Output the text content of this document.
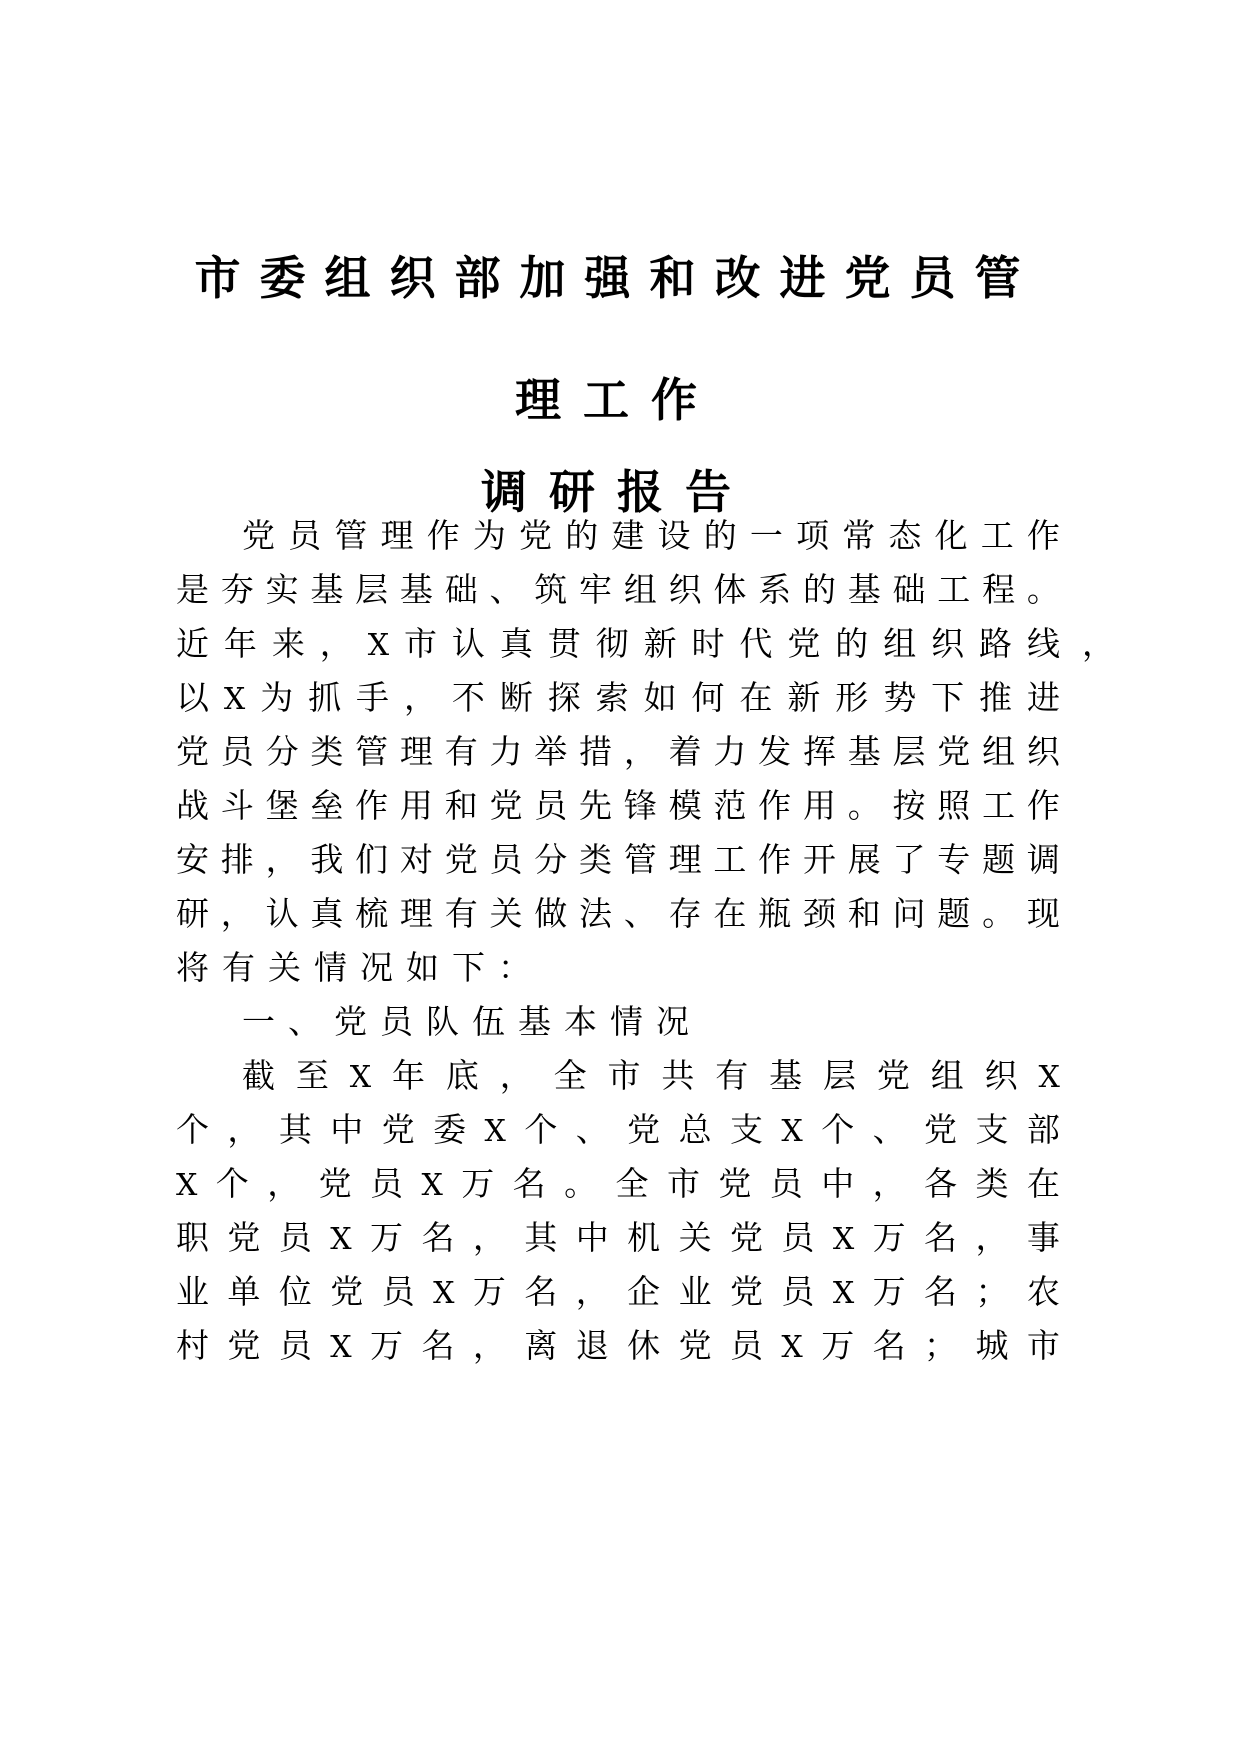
市委组织部加强和改进党员管
理工作
调研报告
党 员 管 理 作 为 党 的 建 设 的 一 项 常 态 化 工 作
是 夯 实 基 层 基 础 、 筑 牢 组 织 体 系 的 基 础 工 程 。
近 年 来 ， X 市 认 真 贯 彻 新 时 代 党 的 组 织 路 线 ，
以 X 为 抓 手 ， 不 断 探 索 如 何 在 新 形 势 下 推 进
党 员 分 类 管 理 有 力 举 措 ， 着 力 发 挥 基 层 党 组 织
战 斗 堡 垒 作 用 和 党 员 先 锋 模 范 作 用 。 按 照 工 作
安 排 ， 我 们 对 党 员 分 类 管 理 工 作 开 展 了 专 题 调
研 ， 认 真 梳 理 有 关 做 法 、 存 在 瓶 颈 和 问 题 。 现
将 有 关 情 况 如 下 ：
一 、 党 员 队 伍 基 本 情 况
截 至 X 年 底 ， 全 市 共 有 基 层 党 组 织 X
个 ， 其 中 党 委 X 个 、 党 总 支 X 个 、 党 支 部
X 个 ， 党 员 X 万 名 。 全 市 党 员 中 ， 各 类 在
职 党 员 X 万 名 ， 其 中 机 关 党 员 X 万 名 ， 事
业 单 位 党 员 X 万 名 ， 企 业 党 员 X 万 名 ； 农
村 党 员 X 万 名 ， 离 退 休 党 员 X 万 名 ； 城 市
